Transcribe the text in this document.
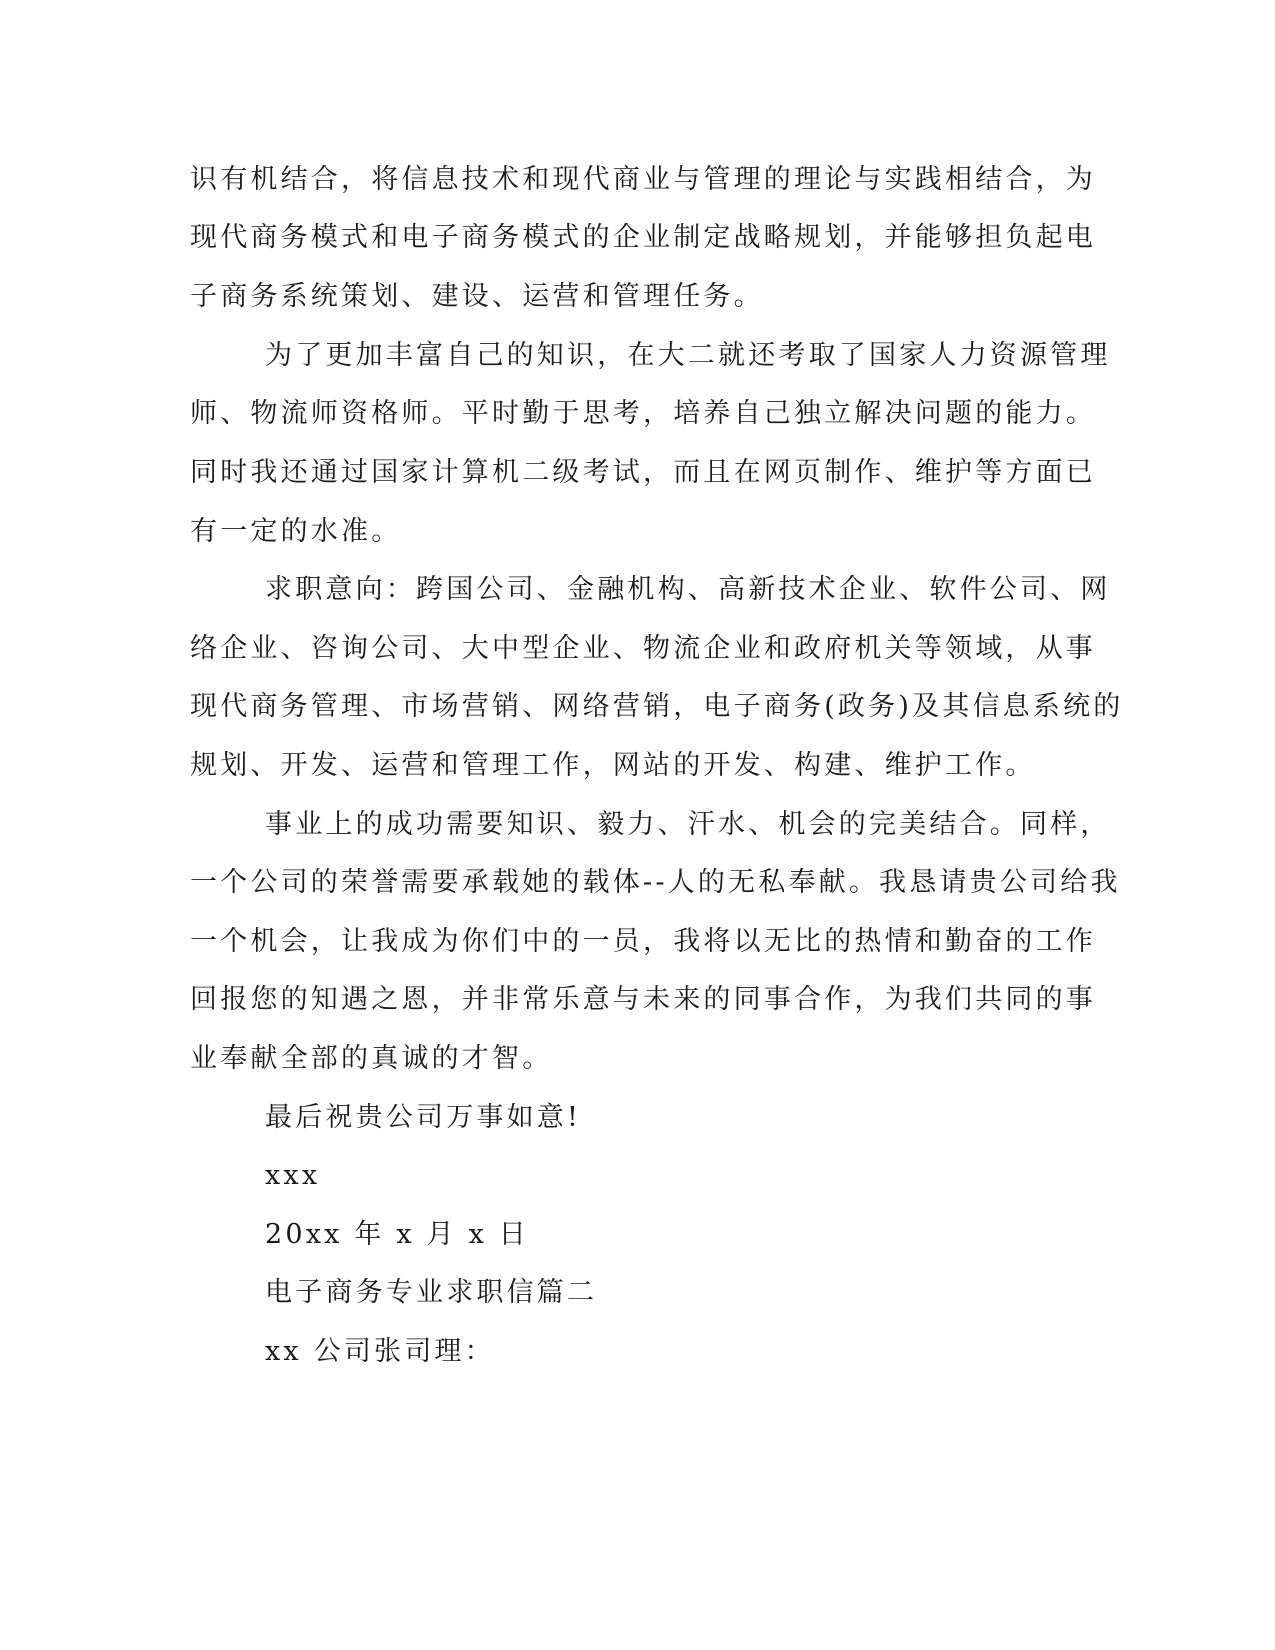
识有机结合，将信息技术和现代商业与管理的理论与实践相结合，为
现代商务模式和电子商务模式的企业制定战略规划，并能够担负起电
子商务系统策划、建设、运营和管理任务。
为了更加丰富自己的知识，在大二就还考取了国家人力资源管理
师、物流师资格师。平时勤于思考，培养自己独立解决问题的能力。
同时我还通过国家计算机二级考试，而且在网页制作、维护等方面已
有一定的水准。
求职意向：跨国公司、金融机构、高新技术企业、软件公司、网
络企业、咨询公司、大中型企业、物流企业和政府机关等领域，从事
现代商务管理、市场营销、网络营销，电子商务(政务)及其信息系统的
规划、开发、运营和管理工作，网站的开发、构建、维护工作。
事业上的成功需要知识、毅力、汗水、机会的完美结合。同样，
一个公司的荣誉需要承载她的载体--人的无私奉献。我恳请贵公司给我
一个机会，让我成为你们中的一员，我将以无比的热情和勤奋的工作
回报您的知遇之恩，并非常乐意与未来的同事合作，为我们共同的事
业奉献全部的真诚的才智。
最后祝贵公司万事如意!
xxx
20xx 年 x 月 x 日
电子商务专业求职信篇二
xx 公司张司理：
